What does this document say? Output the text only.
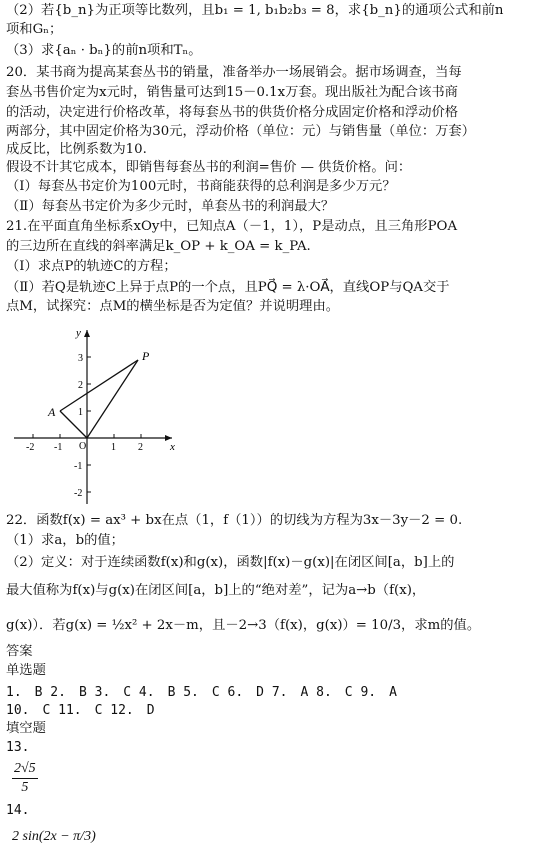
（2）若{b_n}为正项等比数列，且b₁ = 1, b₁b₂b₃ = 8，求{b_n}的通项公式和前n
项和Gₙ；
（3）求{aₙ · bₙ}的前n项和Tₙ。
20．某书商为提高某套丛书的销量，准备举办一场展销会。据市场调查，当每
套丛书售价定为x元时，销售量可达到15－0.1x万套。现出版社为配合该书商
的活动，决定进行价格改革，将每套丛书的供货价格分成固定价格和浮动价格
两部分，其中固定价格为30元，浮动价格（单位：元）与销售量（单位：万套）
成反比，比例系数为10.
假设不计其它成本，即销售每套丛书的利润=售价 — 供货价格。问：
（Ⅰ）每套丛书定价为100元时，书商能获得的总利润是多少万元？
（Ⅱ）每套丛书定价为多少元时，单套丛书的利润最大？
21.在平面直角坐标系xOy中，已知点A（－1，1），P是动点，且三角形POA
的三边所在直线的斜率满足k_OP + k_OA = k_PA.
（Ⅰ）求点P的轨迹C的方程；
（Ⅱ）若Q是轨迹C上异于点P的一个点，且PQ⃗ = λ·OA⃗，直线OP与QA交于
点M，试探究：点M的横坐标是否为定值？并说明理由。
y
x
P
A
O
-2 -1	1 2
3
2
1
-1
-2
22．函数f(x) = ax³ + bx在点（1，f（1））的切线为方程为3x－3y－2 = 0.
（1）求a，b的值；
（2）定义：对于连续函数f(x)和g(x)，函数|f(x)－g(x)|在闭区间[a，b]上的
最大值称为f(x)与g(x)在闭区间[a，b]上的“绝对差”，记为a→b（f(x)，
g(x)）．若g(x) = ½x² + 2x－m，且－2→3（f(x)，g(x)）= 10/3，求m的值。
答案
单选题
1.　B 2.　B 3.　C 4.　B 5.　C 6.　D 7.　A 8.　C 9.　A
10.　C 11.　C 12.　D
填空题
13.
$\frac{2√5}{5}$
14.
2 sin(2x − π/3)
